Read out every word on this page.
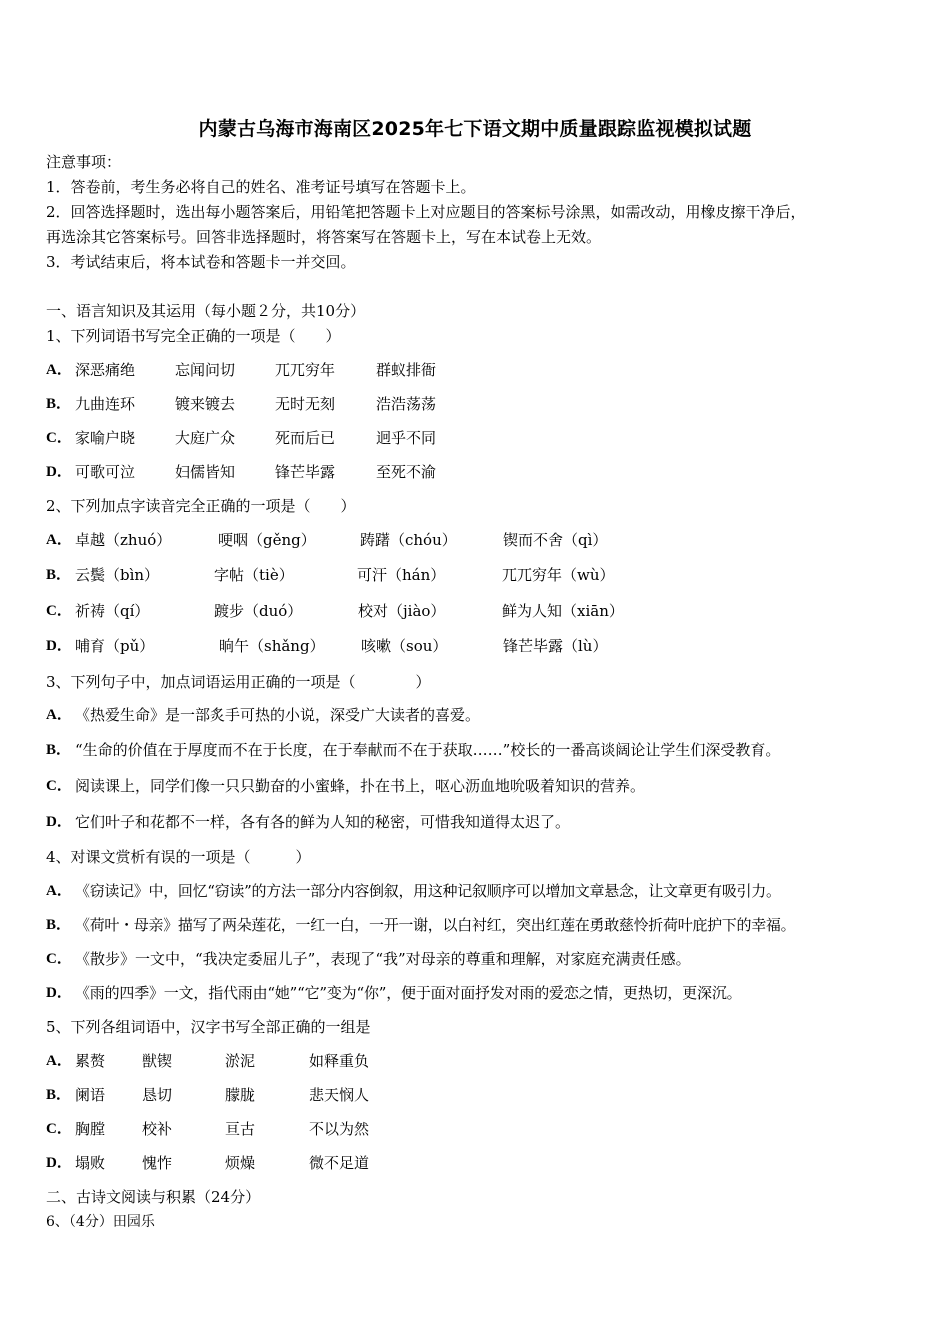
内蒙古乌海市海南区2025年七下语文期中质量跟踪监视模拟试题
注意事项：
1．答卷前，考生务必将自己的姓名、准考证号填写在答题卡上。
2．回答选择题时，选出每小题答案后，用铅笔把答题卡上对应题目的答案标号涂黑，如需改动，用橡皮擦干净后，
再选涂其它答案标号。回答非选择题时，将答案写在答题卡上，写在本试卷上无效。
3．考试结束后，将本试卷和答题卡一并交回。
一、语言知识及其运用（每小题２分，共10分）
1、下列词语书写完全正确的一项是（　　）
A． 深恶痛绝	忘闻问切	兀兀穷年	群蚁排衙
B． 九曲连环	镀来镀去	无时无刻	浩浩荡荡
C． 家喻户晓	大庭广众	死而后已	迥乎不同
D． 可歌可泣	妇儒皆知	锋芒毕露	至死不渝
2、下列加点字读音完全正确的一项是（　　）
A． 卓越（zhuó）	哽咽（gěng）	踌躇（chóu）	锲而不舍（qì）
B． 云鬓（bìn）	字帖（tiè）	可汗（hán）	兀兀穷年（wù）
C． 祈祷（qí）	踱步（duó）	校对（jiào）	鲜为人知（xiān）
D． 哺育（pǔ）	晌午（shǎng） 咳嗽（sou）	锋芒毕露（lù）
3、下列句子中，加点词语运用正确的一项是（　　　　）
A． 《热爱生命》是一部炙手可热的小说，深受广大读者的喜爱。
B． “生命的价值在于厚度而不在于长度，在于奉献而不在于获取……”校长的一番高谈阔论让学生们深受教育。
C． 阅读课上，同学们像一只只勤奋的小蜜蜂，扑在书上，呕心沥血地吮吸着知识的营养。
D． 它们叶子和花都不一样，各有各的鲜为人知的秘密，可惜我知道得太迟了。
4、对课文赏析有误的一项是（　　　）
A． 《窃读记》中，回忆“窃读”的方法一部分内容倒叙，用这种记叙顺序可以增加文章悬念，让文章更有吸引力。
B． 《荷叶・母亲》描写了两朵莲花，一红一白，一开一谢，以白衬红，突出红莲在勇敢慈怜折荷叶庇护下的幸福。
C． 《散步》一文中，“我决定委屈儿子”，表现了“我”对母亲的尊重和理解，对家庭充满责任感。
D． 《雨的四季》一文，指代雨由“她”“它”变为“你”，便于面对面抒发对雨的爱恋之情，更热切，更深沉。
5、下列各组词语中，汉字书写全部正确的一组是
A． 累赘 獣锲	淤泥	如释重负
B． 阑语 恳切	朦胧	悲天悯人
C． 胸膛 校补	亘古	不以为然
D． 塌败 愧怍	烦燥	微不足道
二、古诗文阅读与积累（24分）
6、（4分）田园乐
